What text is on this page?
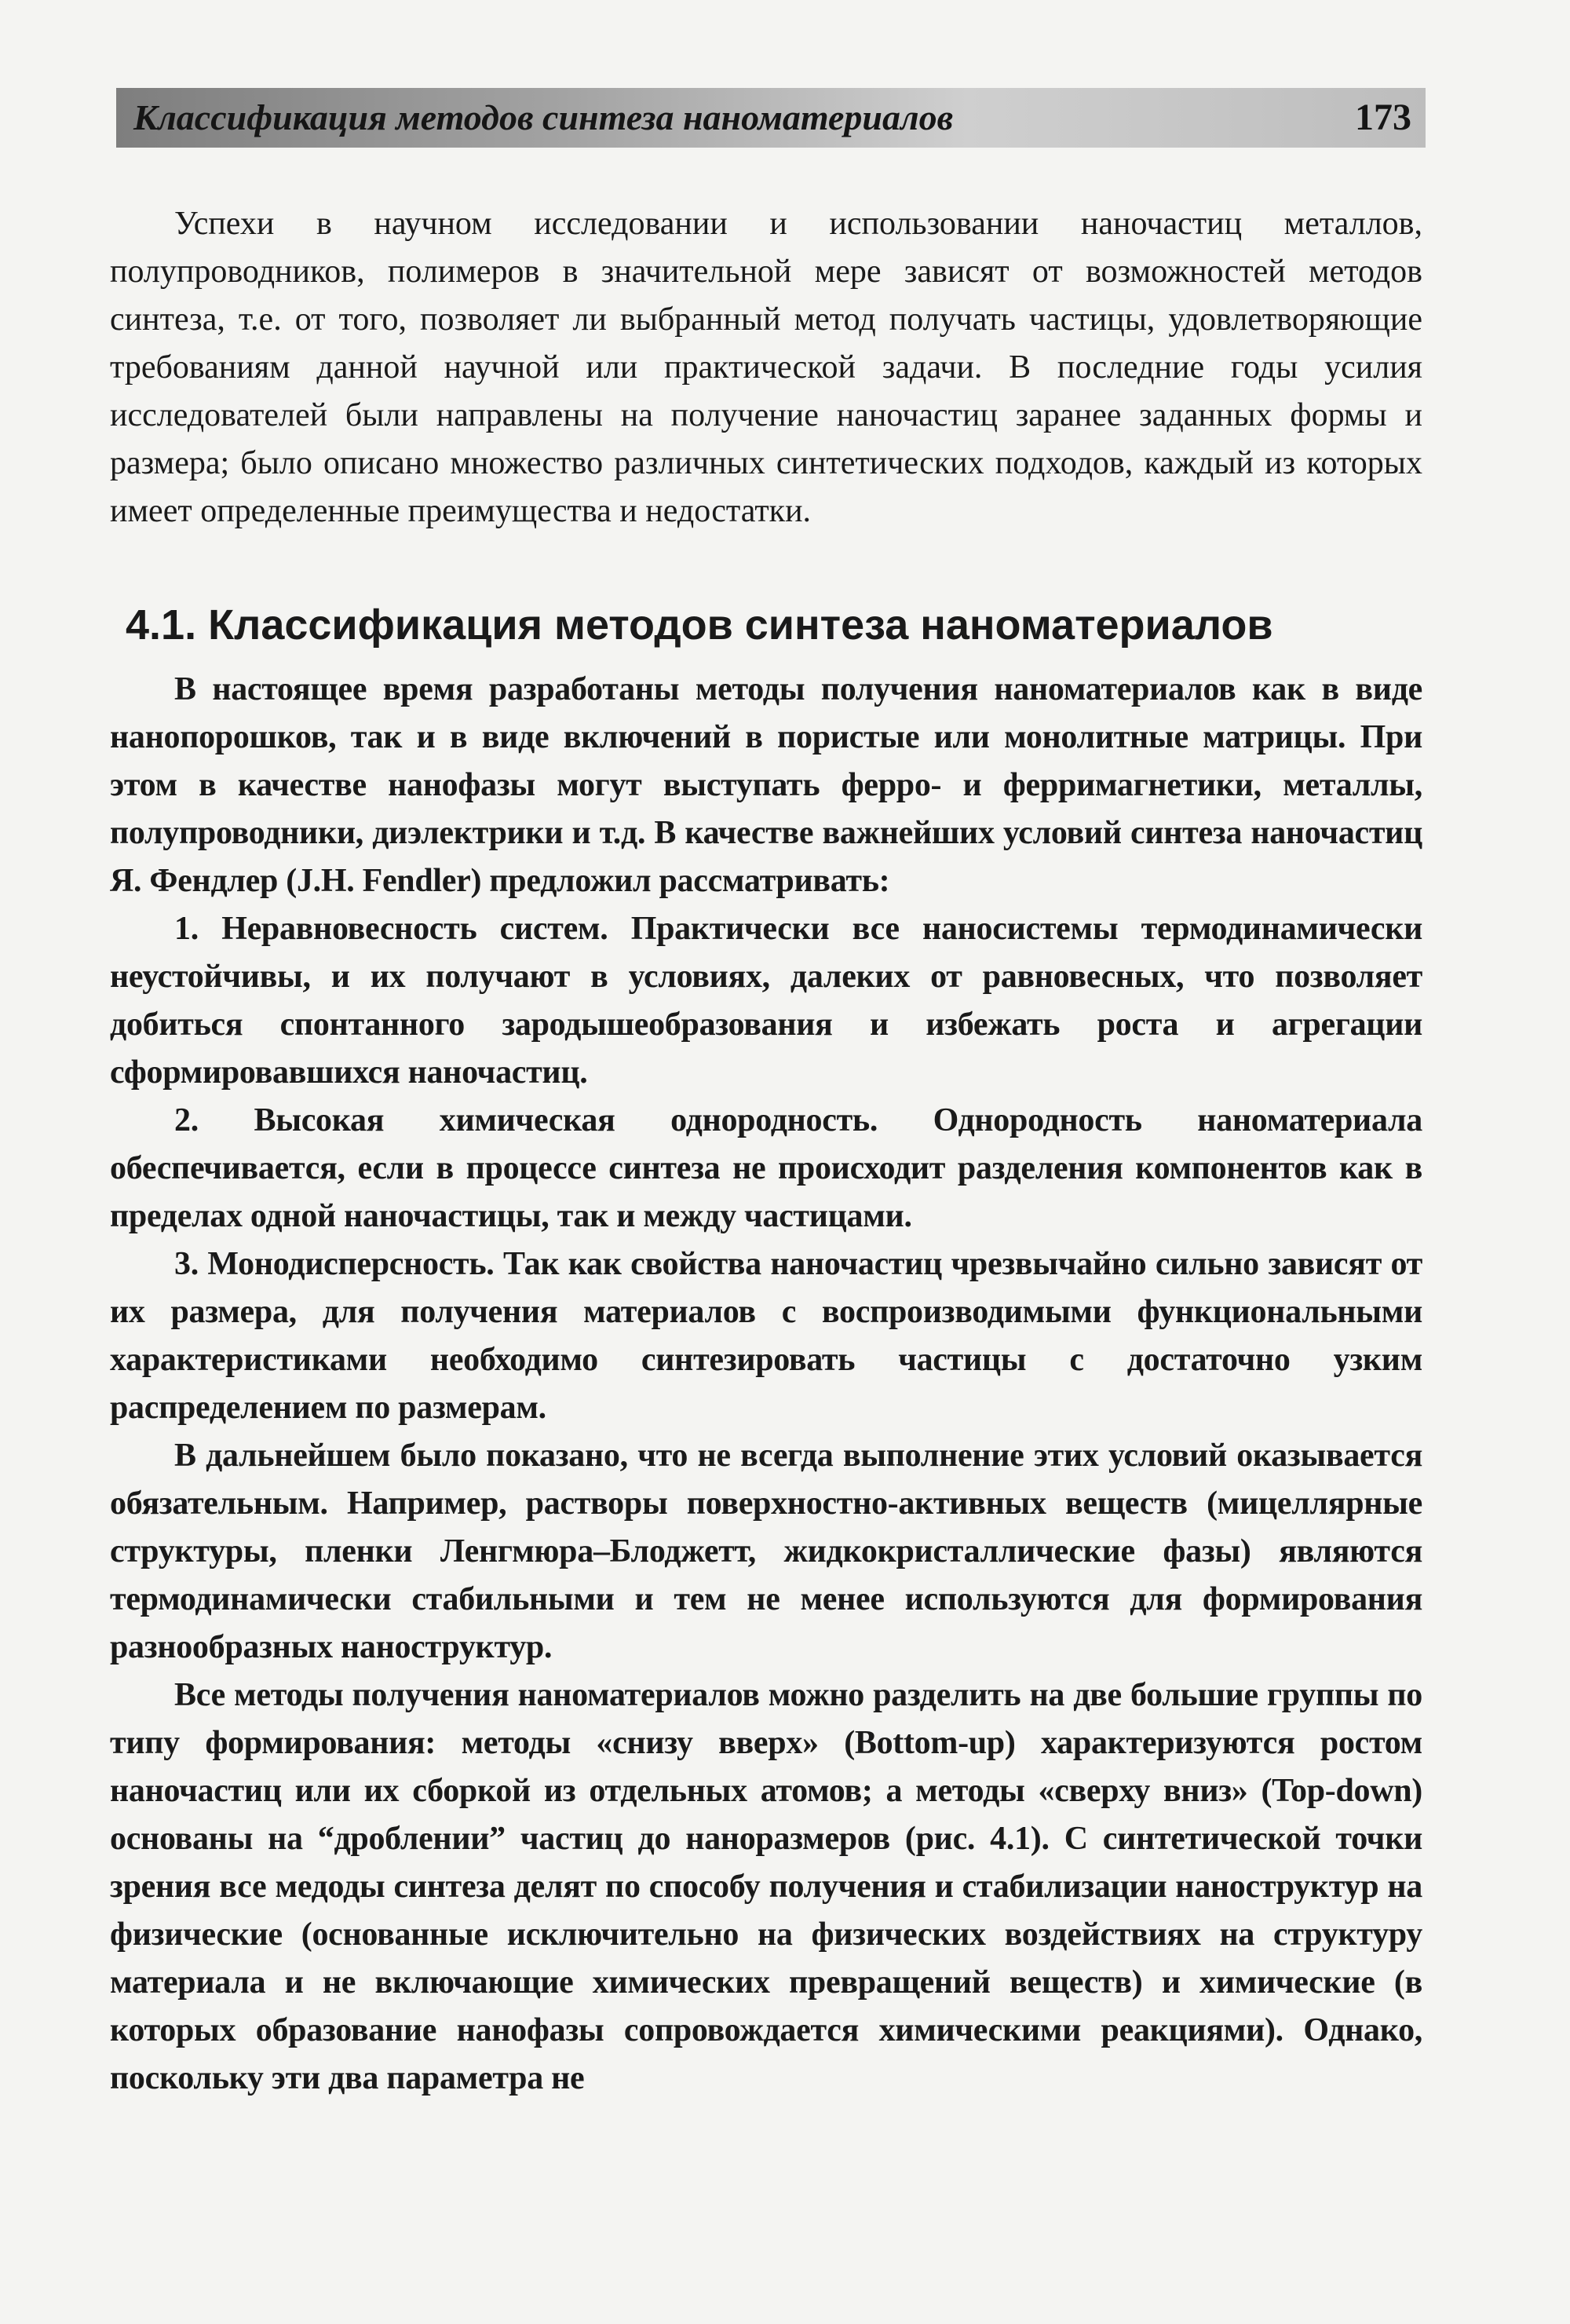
Классификация методов синтеза наноматериалов	173

Успехи в научном исследовании и использовании наночастиц металлов, полупроводников, полимеров в значительной мере зависят от возможностей методов синтеза, т.е. от того, позволяет ли выбранный метод получать частицы, удовлетворяющие требованиям данной научной или практической задачи. В последние годы усилия исследователей были направлены на получение наночастиц заранее заданных формы и размера; было описано множество различных синтетических подходов, каждый из которых имеет определенные преимущества и недостатки.

4.1. Классификация методов синтеза наноматериалов

В настоящее время разработаны методы получения наноматериалов как в виде нанопорошков, так и в виде включений в пористые или монолитные матрицы. При этом в качестве нанофазы могут выступать ферро- и ферримагнетики, металлы, полупроводники, диэлектрики и т.д. В качестве важнейших условий синтеза наночастиц Я. Фендлер (J.H. Fendler) предложил рассматривать:

1. Неравновесность систем. Практически все наносистемы термодинамически неустойчивы, и их получают в условиях, далеких от равновесных, что позволяет добиться спонтанного зародышеобразования и избежать роста и агрегации сформировавшихся наночастиц.

2. Высокая химическая однородность. Однородность наноматериала обеспечивается, если в процессе синтеза не происходит разделения компонентов как в пределах одной наночастицы, так и между частицами.

3. Монодисперсность. Так как свойства наночастиц чрезвычайно сильно зависят от их размера, для получения материалов с воспроизводимыми функциональными характеристиками необходимо синтезировать частицы с достаточно узким распределением по размерам.

В дальнейшем было показано, что не всегда выполнение этих условий оказывается обязательным. Например, растворы поверхностно-активных веществ (мицеллярные структуры, пленки Ленгмюра–Блоджетт, жидкокристаллические фазы) являются термодинамически стабильными и тем не менее используются для формирования разнообразных наноструктур.

Все методы получения наноматериалов можно разделить на две большие группы по типу формирования: методы «снизу вверх» (Bottom-up) характеризуются ростом наночастиц или их сборкой из отдельных атомов; а методы «сверху вниз» (Top-down) основаны на “дроблении” частиц до наноразмеров (рис. 4.1). С синтетической точки зрения все медоды синтеза делят по способу получения и стабилизации наноструктур на физические (основанные исключительно на физических воздействиях на структуру материала и не включающие химических превращений веществ) и химические (в которых образование нанофазы сопровождается химическими реакциями). Однако, поскольку эти два параметра не
